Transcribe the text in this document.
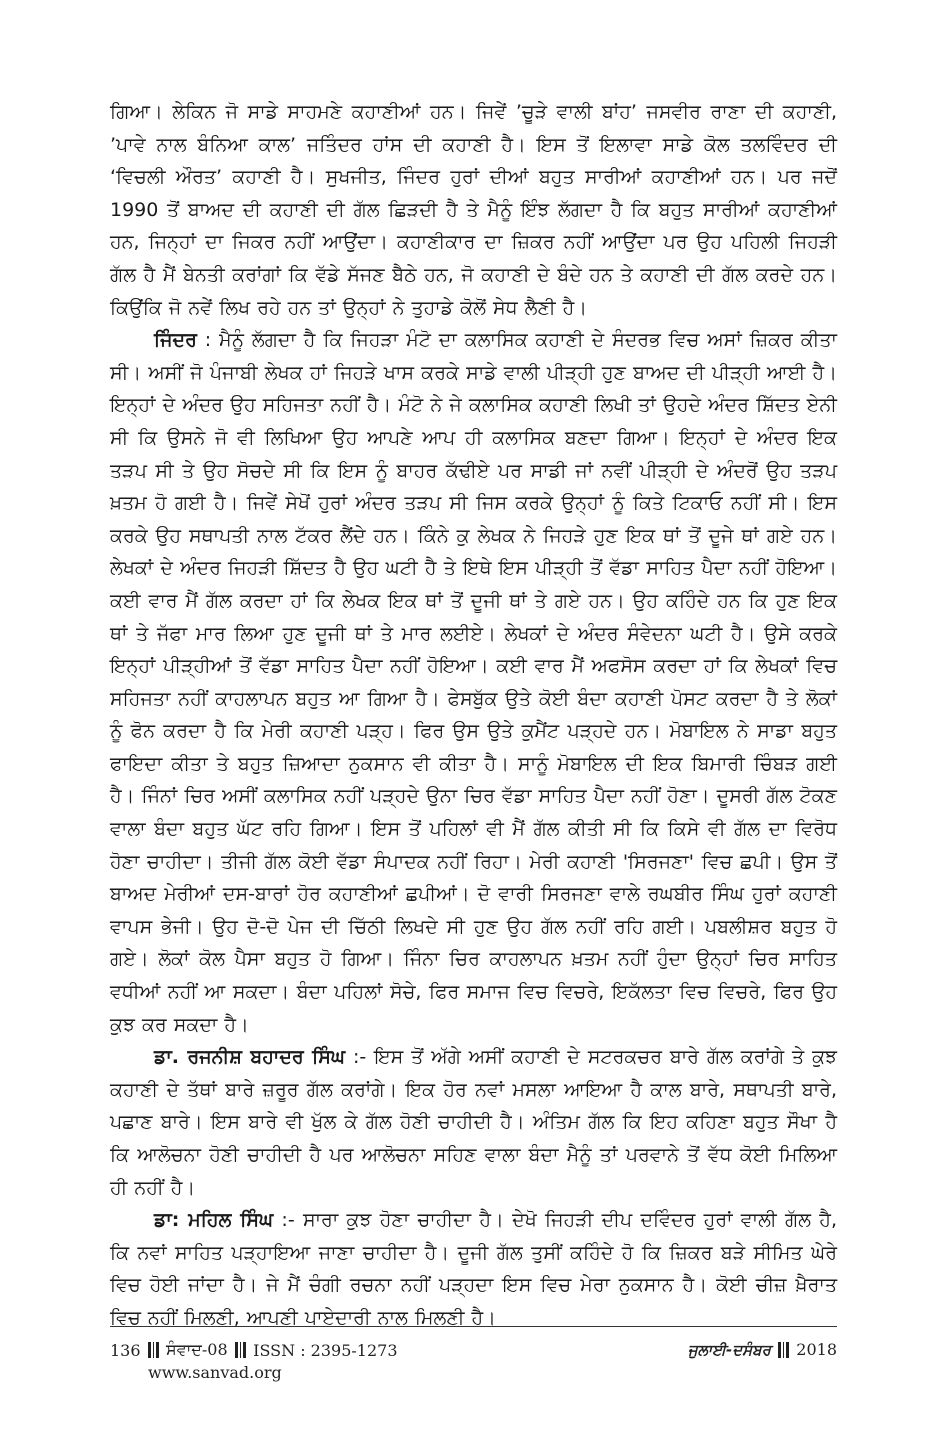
ਗਿਆ। ਲੇਕਿਨ ਜੋ ਸਾਡੇ ਸਾਹਮਣੇ ਕਹਾਣੀਆਂ ਹਨ। ਜਿਵੇਂ ’ਚੂੜੇ ਵਾਲੀ ਬਾਂਹ’ ਜਸਵੀਰ ਰਾਣਾ ਦੀ ਕਹਾਣੀ, ’ਪਾਵੇ ਨਾਲ ਬੰਨਿਆ ਕਾਲ’ ਜਤਿੰਦਰ ਹਾਂਸ ਦੀ ਕਹਾਣੀ ਹੈ। ਇਸ ਤੋਂ ਇਲਾਵਾ ਸਾਡੇ ਕੋਲ ਤਲਵਿੰਦਰ ਦੀ ‘ਵਿਚਲੀ ਔਰਤ’ ਕਹਾਣੀ ਹੈ। ਸੁਖਜੀਤ, ਜਿੰਦਰ ਹੁਰਾਂ ਦੀਆਂ ਬਹੁਤ ਸਾਰੀਆਂ ਕਹਾਣੀਆਂ ਹਨ। ਪਰ ਜਦੋਂ 1990 ਤੋਂ ਬਾਅਦ ਦੀ ਕਹਾਣੀ ਦੀ ਗੱਲ ਛਿੜਦੀ ਹੈ ਤੇ ਮੈਨੂੰ ਇੰਝ ਲੱਗਦਾ ਹੈ ਕਿ ਬਹੁਤ ਸਾਰੀਆਂ ਕਹਾਣੀਆਂ ਹਨ, ਜਿਨ੍ਹਾਂ ਦਾ ਜਿਕਰ ਨਹੀਂ ਆਉਂਦਾ। ਕਹਾਣੀਕਾਰ ਦਾ ਜ਼ਿਕਰ ਨਹੀਂ ਆਉਂਦਾ ਪਰ ਉਹ ਪਹਿਲੀ ਜਿਹੜੀ ਗੱਲ ਹੈ ਮੈਂ ਬੇਨਤੀ ਕਰਾਂਗਾਂ ਕਿ ਵੱਡੇ ਸੱਜਣ ਬੈਠੇ ਹਨ, ਜੋ ਕਹਾਣੀ ਦੇ ਬੰਦੇ ਹਨ ਤੇ ਕਹਾਣੀ ਦੀ ਗੱਲ ਕਰਦੇ ਹਨ। ਕਿਉਂਕਿ ਜੋ ਨਵੇਂ ਲਿਖ ਰਹੇ ਹਨ ਤਾਂ ਉਨ੍ਹਾਂ ਨੇ ਤੁਹਾਡੇ ਕੋਲੋਂ ਸੇਧ ਲੈਣੀ ਹੈ।

ਜਿੰਦਰ : ਮੈਨੂੰ ਲੱਗਦਾ ਹੈ ਕਿ ਜਿਹੜਾ ਮੰਟੋ ਦਾ ਕਲਾਸਿਕ ਕਹਾਣੀ ਦੇ ਸੰਦਰਭ ਵਿਚ ਅਸਾਂ ਜ਼ਿਕਰ ਕੀਤਾ ਸੀ। ਅਸੀਂ ਜੋ ਪੰਜਾਬੀ ਲੇਖਕ ਹਾਂ ਜਿਹੜੇ ਖਾਸ ਕਰਕੇ ਸਾਡੇ ਵਾਲੀ ਪੀੜ੍ਹੀ ਹੁਣ ਬਾਅਦ ਦੀ ਪੀੜ੍ਹੀ ਆਈ ਹੈ। ਇਨ੍ਹਾਂ ਦੇ ਅੰਦਰ ਉਹ ਸਹਿਜਤਾ ਨਹੀਂ ਹੈ। ਮੰਟੋ ਨੇ ਜੇ ਕਲਾਸਿਕ ਕਹਾਣੀ ਲਿਖੀ ਤਾਂ ਉਹਦੇ ਅੰਦਰ ਸ਼ਿੱਦਤ ਏਨੀ ਸੀ ਕਿ ਉਸਨੇ ਜੋ ਵੀ ਲਿਖਿਆ ਉਹ ਆਪਣੇ ਆਪ ਹੀ ਕਲਾਸਿਕ ਬਣਦਾ ਗਿਆ। ਇਨ੍ਹਾਂ ਦੇ ਅੰਦਰ ਇਕ ਤੜਪ ਸੀ ਤੇ ਉਹ ਸੋਚਦੇ ਸੀ ਕਿ ਇਸ ਨੂੰ ਬਾਹਰ ਕੱਢੀਏ ਪਰ ਸਾਡੀ ਜਾਂ ਨਵੀਂ ਪੀੜ੍ਹੀ ਦੇ ਅੰਦਰੋਂ ਉਹ ਤੜਪ ਖ਼ਤਮ ਹੋ ਗਈ ਹੈ। ਜਿਵੇਂ ਸੇਖੋਂ ਹੁਰਾਂ ਅੰਦਰ ਤੜਪ ਸੀ ਜਿਸ ਕਰਕੇ ਉਨ੍ਹਾਂ ਨੂੰ ਕਿਤੇ ਟਿਕਾਓ ਨਹੀਂ ਸੀ। ਇਸ ਕਰਕੇ ਉਹ ਸਥਾਪਤੀ ਨਾਲ ਟੱਕਰ ਲੈਂਦੇ ਹਨ। ਕਿੰਨੇ ਕੁ ਲੇਖਕ ਨੇ ਜਿਹੜੇ ਹੁਣ ਇਕ ਥਾਂ ਤੋਂ ਦੂਜੇ ਥਾਂ ਗਏ ਹਨ। ਲੇਖਕਾਂ ਦੇ ਅੰਦਰ ਜਿਹੜੀ ਸ਼ਿੱਦਤ ਹੈ ਉਹ ਘਟੀ ਹੈ ਤੇ ਇਥੇ ਇਸ ਪੀੜ੍ਹੀ ਤੋਂ ਵੱਡਾ ਸਾਹਿਤ ਪੈਦਾ ਨਹੀਂ ਹੋਇਆ। ਕਈ ਵਾਰ ਮੈਂ ਗੱਲ ਕਰਦਾ ਹਾਂ ਕਿ ਲੇਖਕ ਇਕ ਥਾਂ ਤੋਂ ਦੂਜੀ ਥਾਂ ਤੇ ਗਏ ਹਨ। ਉਹ ਕਹਿੰਦੇ ਹਨ ਕਿ ਹੁਣ ਇਕ ਥਾਂ ਤੇ ਜੱਫਾ ਮਾਰ ਲਿਆ ਹੁਣ ਦੂਜੀ ਥਾਂ ਤੇ ਮਾਰ ਲਈਏ। ਲੇਖਕਾਂ ਦੇ ਅੰਦਰ ਸੰਵੇਦਨਾ ਘਟੀ ਹੈ। ਉਸੇ ਕਰਕੇ ਇਨ੍ਹਾਂ ਪੀੜ੍ਹੀਆਂ ਤੋਂ ਵੱਡਾ ਸਾਹਿਤ ਪੈਦਾ ਨਹੀਂ ਹੋਇਆ। ਕਈ ਵਾਰ ਮੈਂ ਅਫਸੋਸ ਕਰਦਾ ਹਾਂ ਕਿ ਲੇਖਕਾਂ ਵਿਚ ਸਹਿਜਤਾ ਨਹੀਂ ਕਾਹਲਾਪਨ ਬਹੁਤ ਆ ਗਿਆ ਹੈ। ਫੇਸਬੁੱਕ ਉਤੇ ਕੋਈ ਬੰਦਾ ਕਹਾਣੀ ਪੋਸਟ ਕਰਦਾ ਹੈ ਤੇ ਲੋਕਾਂ ਨੂੰ ਫੋਨ ਕਰਦਾ ਹੈ ਕਿ ਮੇਰੀ ਕਹਾਣੀ ਪੜ੍ਹ। ਫਿਰ ਉਸ ਉਤੇ ਕੁਮੈਂਟ ਪੜ੍ਹਦੇ ਹਨ। ਮੋਬਾਇਲ ਨੇ ਸਾਡਾ ਬਹੁਤ ਫਾਇਦਾ ਕੀਤਾ ਤੇ ਬਹੁਤ ਜ਼ਿਆਦਾ ਨੁਕਸਾਨ ਵੀ ਕੀਤਾ ਹੈ। ਸਾਨੂੰ ਮੋਬਾਇਲ ਦੀ ਇਕ ਬਿਮਾਰੀ ਚਿੰਬੜ ਗਈ ਹੈ। ਜਿੰਨਾਂ ਚਿਰ ਅਸੀਂ ਕਲਾਸਿਕ ਨਹੀਂ ਪੜ੍ਹਦੇ ਉਨਾ ਚਿਰ ਵੱਡਾ ਸਾਹਿਤ ਪੈਦਾ ਨਹੀਂ ਹੋਣਾ। ਦੂਸਰੀ ਗੱਲ ਟੋਕਣ ਵਾਲਾ ਬੰਦਾ ਬਹੁਤ ਘੱਟ ਰਹਿ ਗਿਆ। ਇਸ ਤੋਂ ਪਹਿਲਾਂ ਵੀ ਮੈਂ ਗੱਲ ਕੀਤੀ ਸੀ ਕਿ ਕਿਸੇ ਵੀ ਗੱਲ ਦਾ ਵਿਰੋਧ ਹੋਣਾ ਚਾਹੀਦਾ। ਤੀਜੀ ਗੱਲ ਕੋਈ ਵੱਡਾ ਸੰਪਾਦਕ ਨਹੀਂ ਰਿਹਾ। ਮੇਰੀ ਕਹਾਣੀ 'ਸਿਰਜਣਾ' ਵਿਚ ਛਪੀ। ਉਸ ਤੋਂ ਬਾਅਦ ਮੇਰੀਆਂ ਦਸ-ਬਾਰਾਂ ਹੋਰ ਕਹਾਣੀਆਂ ਛਪੀਆਂ। ਦੋ ਵਾਰੀ ਸਿਰਜਣਾ ਵਾਲੇ ਰਘਬੀਰ ਸਿੰਘ ਹੁਰਾਂ ਕਹਾਣੀ ਵਾਪਸ ਭੇਜੀ। ਉਹ ਦੋ-ਦੋ ਪੇਜ ਦੀ ਚਿੱਠੀ ਲਿਖਦੇ ਸੀ ਹੁਣ ਉਹ ਗੱਲ ਨਹੀਂ ਰਹਿ ਗਈ। ਪਬਲੀਸ਼ਰ ਬਹੁਤ ਹੋ ਗਏ। ਲੋਕਾਂ ਕੋਲ ਪੈਸਾ ਬਹੁਤ ਹੋ ਗਿਆ। ਜਿੰਨਾ ਚਿਰ ਕਾਹਲਾਪਨ ਖ਼ਤਮ ਨਹੀਂ ਹੁੰਦਾ ਉਨ੍ਹਾਂ ਚਿਰ ਸਾਹਿਤ ਵਧੀਆਂ ਨਹੀਂ ਆ ਸਕਦਾ। ਬੰਦਾ ਪਹਿਲਾਂ ਸੋਚੇ, ਫਿਰ ਸਮਾਜ ਵਿਚ ਵਿਚਰੇ, ਇਕੱਲਤਾ ਵਿਚ ਵਿਚਰੇ, ਫਿਰ ਉਹ ਕੁਝ ਕਰ ਸਕਦਾ ਹੈ।

ਡਾ. ਰਜਨੀਸ਼ ਬਹਾਦਰ ਸਿੰਘ :- ਇਸ ਤੋਂ ਅੱਗੇ ਅਸੀਂ ਕਹਾਣੀ ਦੇ ਸਟਰਕਚਰ ਬਾਰੇ ਗੱਲ ਕਰਾਂਗੇ ਤੇ ਕੁਝ ਕਹਾਣੀ ਦੇ ਤੱਥਾਂ ਬਾਰੇ ਜ਼ਰੂਰ ਗੱਲ ਕਰਾਂਗੇ। ਇਕ ਹੋਰ ਨਵਾਂ ਮਸਲਾ ਆਇਆ ਹੈ ਕਾਲ ਬਾਰੇ, ਸਥਾਪਤੀ ਬਾਰੇ, ਪਛਾਣ ਬਾਰੇ। ਇਸ ਬਾਰੇ ਵੀ ਖੁੱਲ ਕੇ ਗੱਲ ਹੋਣੀ ਚਾਹੀਦੀ ਹੈ। ਅੰਤਿਮ ਗੱਲ ਕਿ ਇਹ ਕਹਿਣਾ ਬਹੁਤ ਸੌਖਾ ਹੈ ਕਿ ਆਲੋਚਨਾ ਹੋਣੀ ਚਾਹੀਦੀ ਹੈ ਪਰ ਆਲੋਚਨਾ ਸਹਿਣ ਵਾਲਾ ਬੰਦਾ ਮੈਨੂੰ ਤਾਂ ਪਰਵਾਨੇ ਤੋਂ ਵੱਧ ਕੋਈ ਮਿਲਿਆ ਹੀ ਨਹੀਂ ਹੈ।

ਡਾ: ਮਹਿਲ ਸਿੰਘ :- ਸਾਰਾ ਕੁਝ ਹੋਣਾ ਚਾਹੀਦਾ ਹੈ। ਦੇਖੋ ਜਿਹੜੀ ਦੀਪ ਦਵਿੰਦਰ ਹੁਰਾਂ ਵਾਲੀ ਗੱਲ ਹੈ, ਕਿ ਨਵਾਂ ਸਾਹਿਤ ਪੜ੍ਹਾਇਆ ਜਾਣਾ ਚਾਹੀਦਾ ਹੈ। ਦੂਜੀ ਗੱਲ ਤੁਸੀਂ ਕਹਿੰਦੇ ਹੋ ਕਿ ਜ਼ਿਕਰ ਬੜੇ ਸੀਮਿਤ ਘੇਰੇ ਵਿਚ ਹੋਈ ਜਾਂਦਾ ਹੈ। ਜੇ ਮੈਂ ਚੰਗੀ ਰਚਨਾ ਨਹੀਂ ਪੜ੍ਹਦਾ ਇਸ ਵਿਚ ਮੇਰਾ ਨੁਕਸਾਨ ਹੈ। ਕੋਈ ਚੀਜ਼ ਖ਼ੈਰਾਤ ਵਿਚ ਨਹੀਂ ਮਿਲਣੀ, ਆਪਣੀ ਪਾਏਦਾਰੀ ਨਾਲ ਮਿਲਣੀ ਹੈ।

136 ਸੰਵਾਦ-08 ISSN : 2395-1273
www.sanvad.org
ਜੁਲਾਈ-ਦਸੰਬਰ 2018
